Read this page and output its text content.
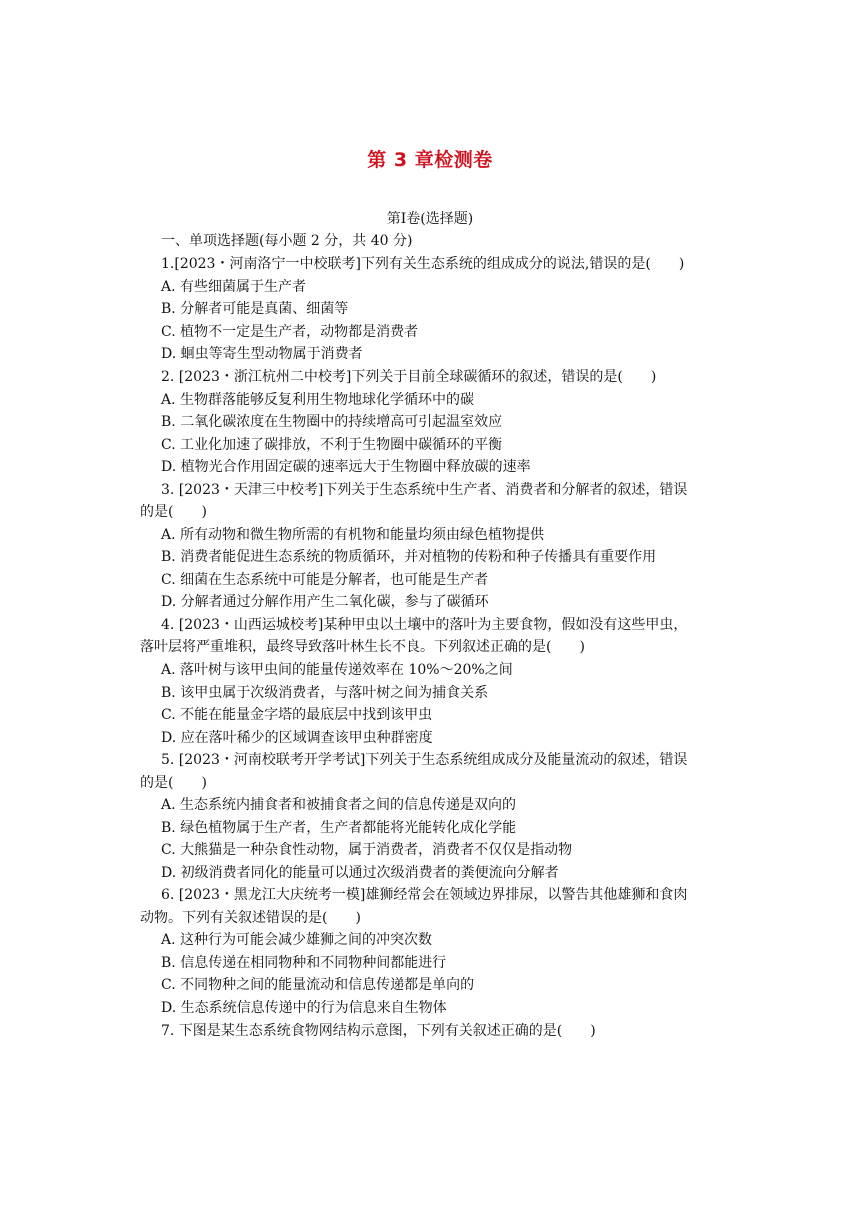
第 3 章检测卷
第Ⅰ卷(选择题)
一、单项选择题(每小题 2 分，共 40 分)
1.[2023・河南洛宁一中校联考]下列有关生态系统的组成成分的说法,错误的是(　　)
A. 有些细菌属于生产者
B. 分解者可能是真菌、细菌等
C. 植物不一定是生产者，动物都是消费者
D. 蛔虫等寄生型动物属于消费者
2. [2023・浙江杭州二中校考]下列关于目前全球碳循环的叙述，错误的是(　　)
A. 生物群落能够反复利用生物地球化学循环中的碳
B. 二氧化碳浓度在生物圈中的持续增高可引起温室效应
C. 工业化加速了碳排放，不利于生物圈中碳循环的平衡
D. 植物光合作用固定碳的速率远大于生物圈中释放碳的速率
3. [2023・天津三中校考]下列关于生态系统中生产者、消费者和分解者的叙述，错误
的是(　　)
A. 所有动物和微生物所需的有机物和能量均须由绿色植物提供
B. 消费者能促进生态系统的物质循环，并对植物的传粉和种子传播具有重要作用
C. 细菌在生态系统中可能是分解者，也可能是生产者
D. 分解者通过分解作用产生二氧化碳，参与了碳循环
4. [2023・山西运城校考]某种甲虫以土壤中的落叶为主要食物，假如没有这些甲虫，
落叶层将严重堆积，最终导致落叶林生长不良。下列叙述正确的是(　　)
A. 落叶树与该甲虫间的能量传递效率在 10%～20%之间
B. 该甲虫属于次级消费者，与落叶树之间为捕食关系
C. 不能在能量金字塔的最底层中找到该甲虫
D. 应在落叶稀少的区域调查该甲虫种群密度
5. [2023・河南校联考开学考试]下列关于生态系统组成成分及能量流动的叙述，错误
的是(　　)
A. 生态系统内捕食者和被捕食者之间的信息传递是双向的
B. 绿色植物属于生产者，生产者都能将光能转化成化学能
C. 大熊猫是一种杂食性动物，属于消费者，消费者不仅仅是指动物
D. 初级消费者同化的能量可以通过次级消费者的粪便流向分解者
6. [2023・黑龙江大庆统考一模]雄狮经常会在领域边界排尿，以警告其他雄狮和食肉
动物。下列有关叙述错误的是(　　)
A. 这种行为可能会减少雄狮之间的冲突次数
B. 信息传递在相同物种和不同物种间都能进行
C. 不同物种之间的能量流动和信息传递都是单向的
D. 生态系统信息传递中的行为信息来自生物体
7. 下图是某生态系统食物网结构示意图，下列有关叙述正确的是(　　)
